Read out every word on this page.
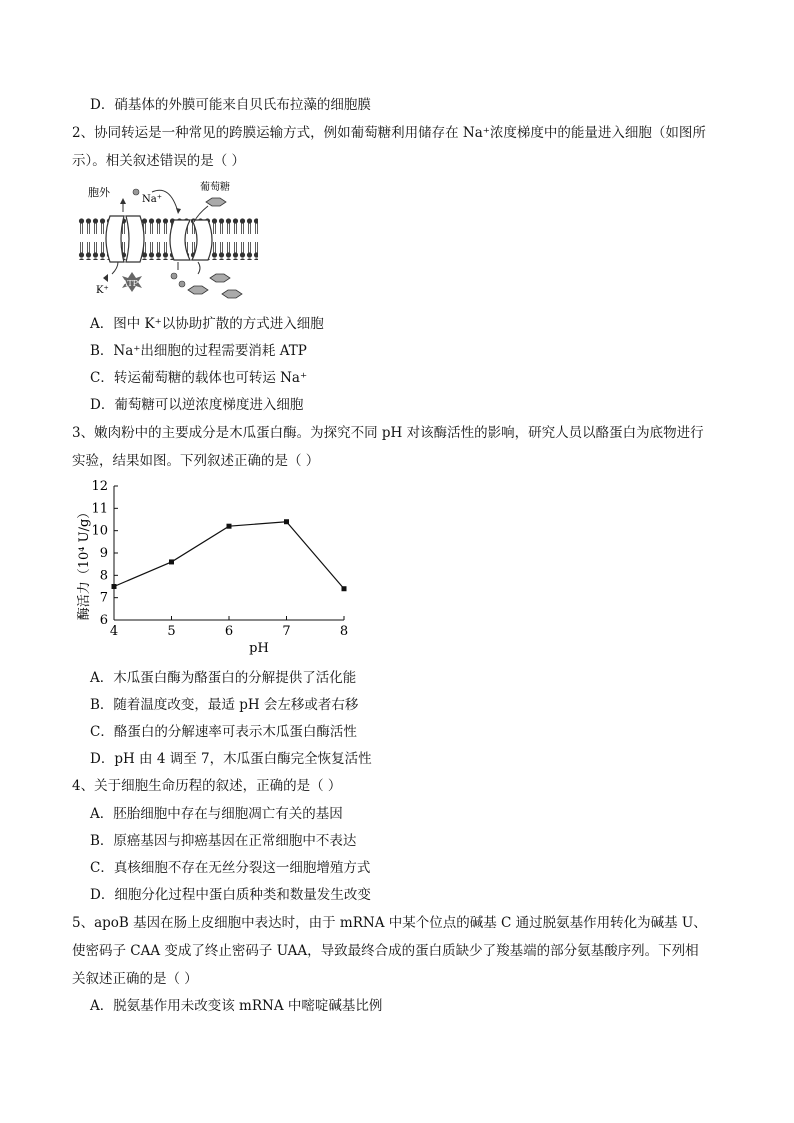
D．硝基体的外膜可能来自贝氏布拉藻的细胞膜
2、协同转运是一种常见的跨膜运输方式，例如葡萄糖利用储存在 Na⁺浓度梯度中的能量进入细胞（如图所
示）。相关叙述错误的是（ ）
胞外
Na⁺
葡萄糖
K⁺
ATP
A．图中 K⁺以协助扩散的方式进入细胞
B．Na⁺出细胞的过程需要消耗 ATP
C．转运葡萄糖的载体也可转运 Na⁺
D．葡萄糖可以逆浓度梯度进入细胞
3、嫩肉粉中的主要成分是木瓜蛋白酶。为探究不同 pH 对该酶活性的影响，研究人员以酪蛋白为底物进行
实验，结果如图。下列叙述正确的是（ ）
6
7
8
9
10
11
12
4	5	6	7	8
pH
酶活力（10⁴ U/g）
A．木瓜蛋白酶为酪蛋白的分解提供了活化能
B．随着温度改变，最适 pH 会左移或者右移
C．酪蛋白的分解速率可表示木瓜蛋白酶活性
D．pH 由 4 调至 7，木瓜蛋白酶完全恢复活性
4、关于细胞生命历程的叙述，正确的是（ ）
A．胚胎细胞中存在与细胞凋亡有关的基因
B．原癌基因与抑癌基因在正常细胞中不表达
C．真核细胞不存在无丝分裂这一细胞增殖方式
D．细胞分化过程中蛋白质种类和数量发生改变
5、apoB 基因在肠上皮细胞中表达时，由于 mRNA 中某个位点的碱基 C 通过脱氨基作用转化为碱基 U、
使密码子 CAA 变成了终止密码子 UAA，导致最终合成的蛋白质缺少了羧基端的部分氨基酸序列。下列相
关叙述正确的是（ ）
A．脱氨基作用未改变该 mRNA 中嘧啶碱基比例
